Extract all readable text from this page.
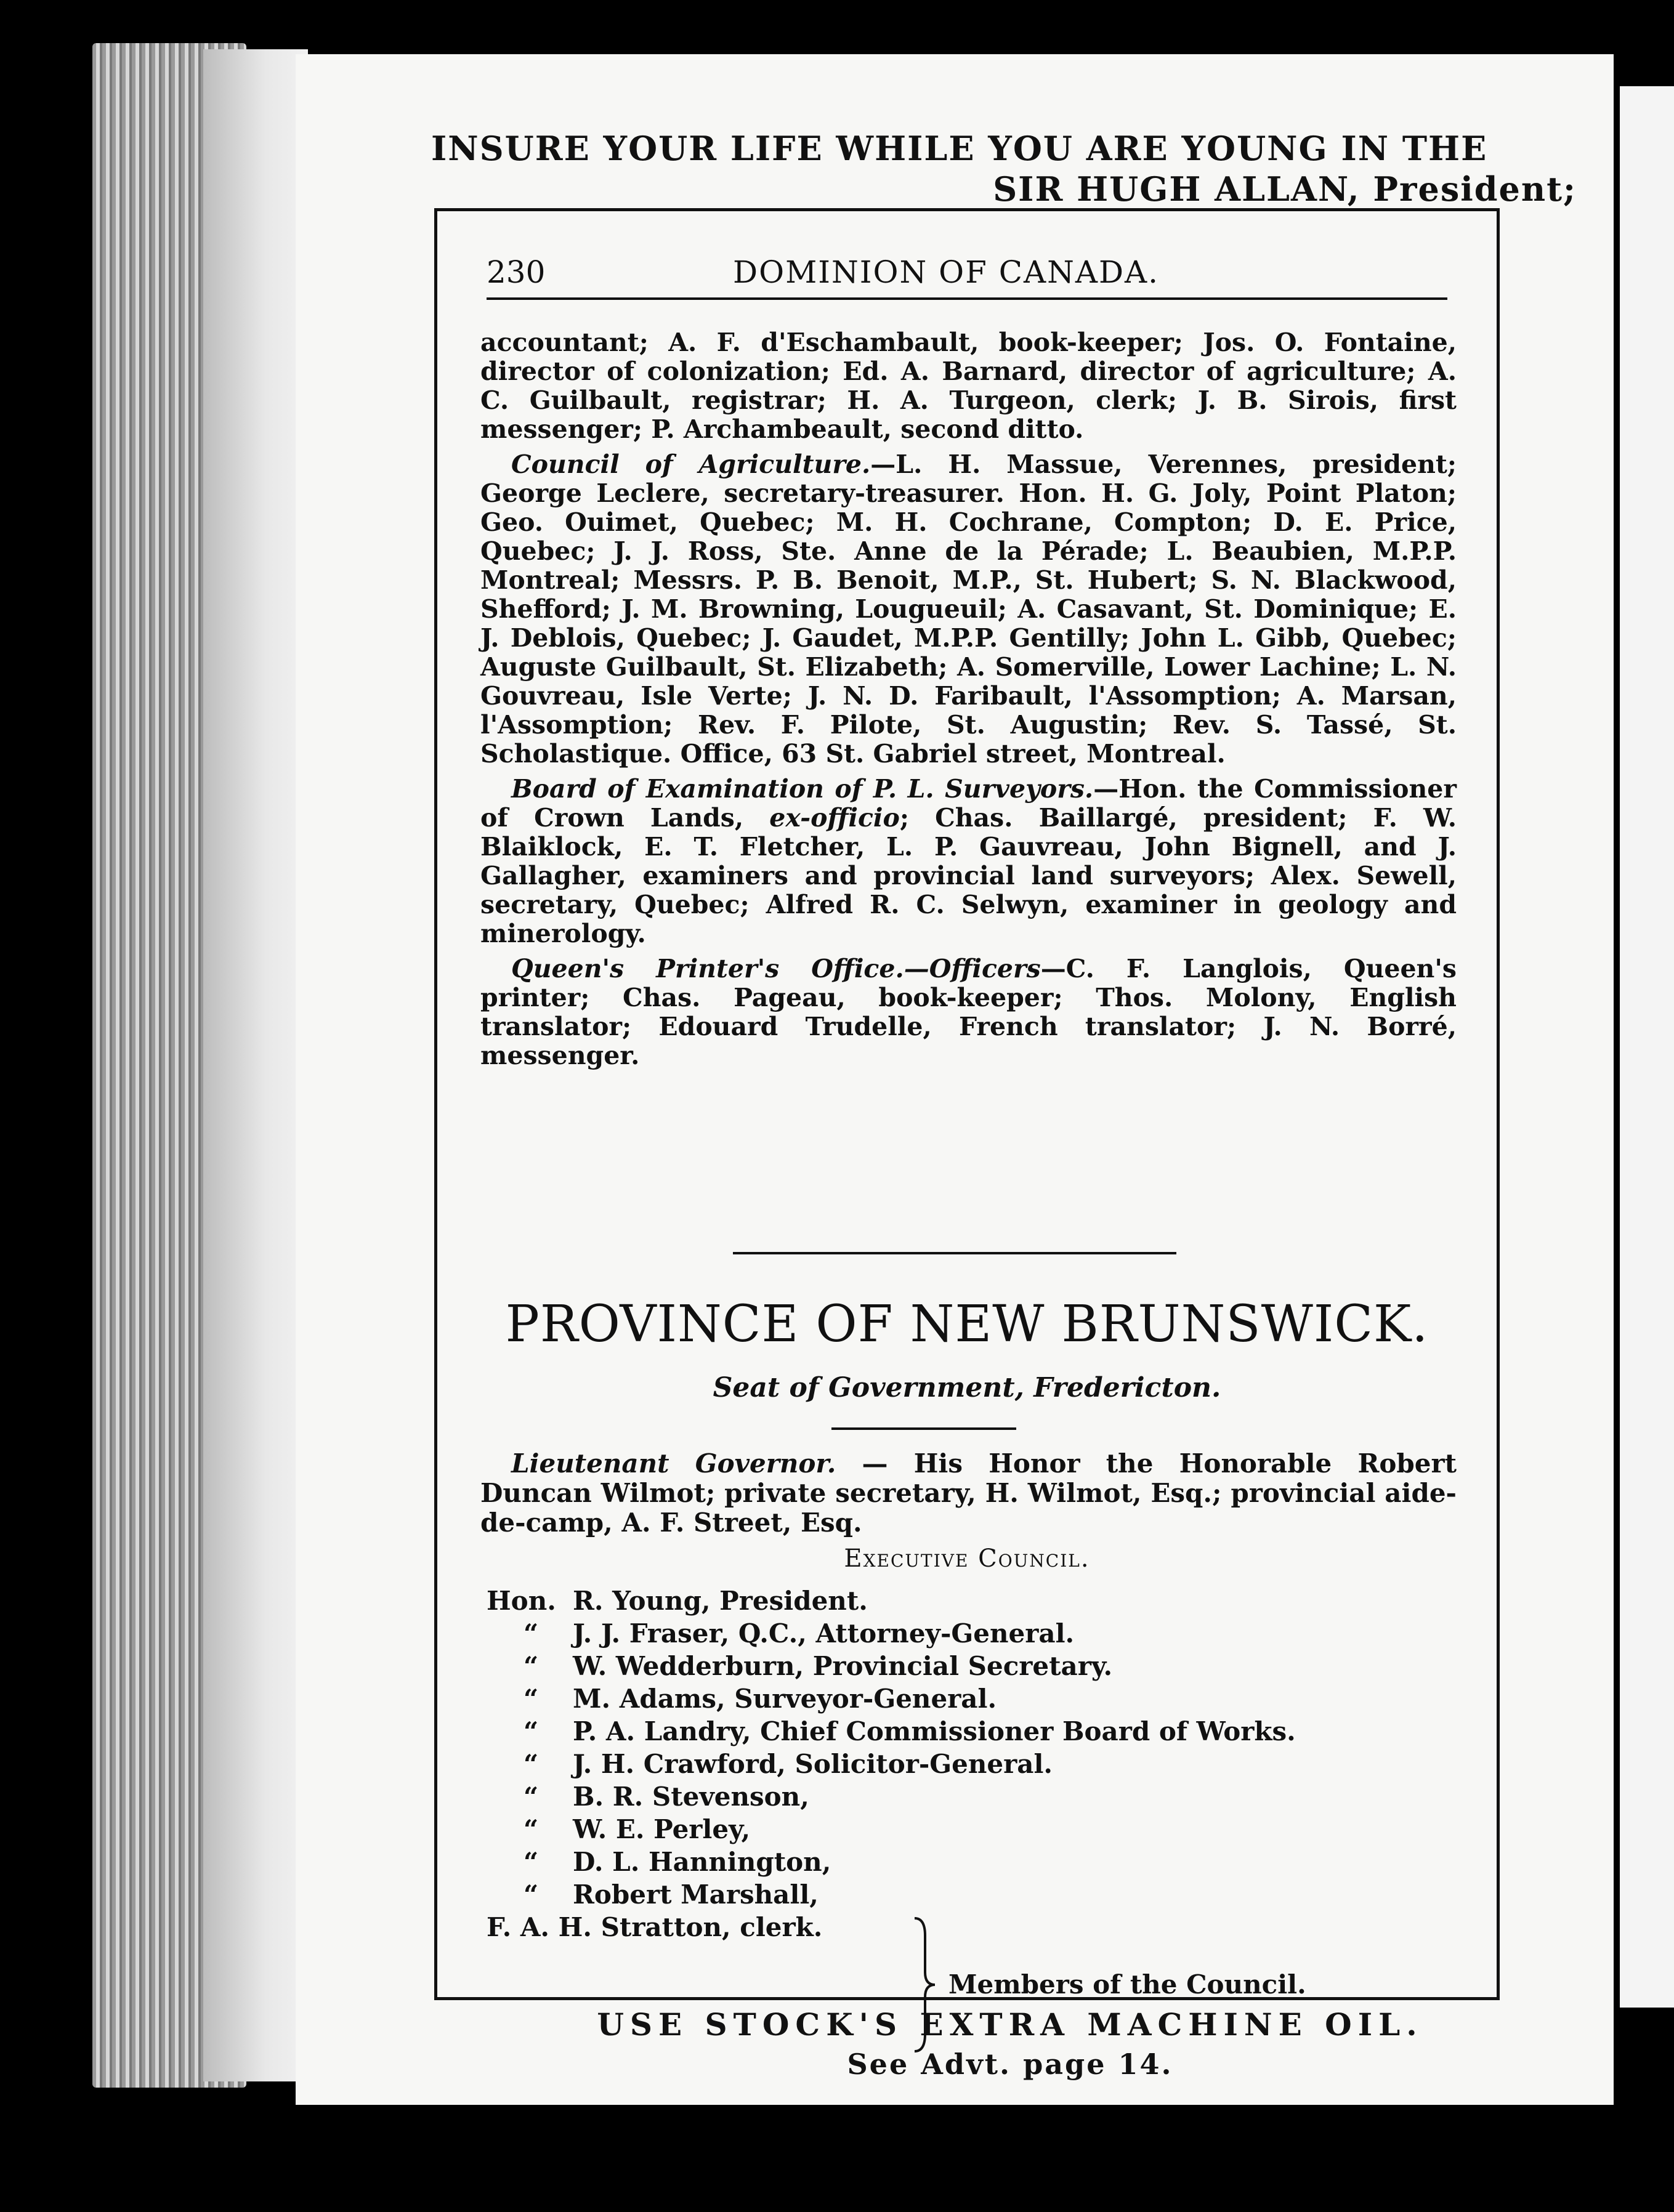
INSURE YOUR LIFE WHILE YOU ARE YOUNG IN THE
SIR HUGH ALLAN, President;
230	DOMINION OF CANADA.

accountant; A. F. d'Eschambault, book-keeper; Jos. O. Fontaine, director of colonization; Ed. A. Barnard, director of agriculture; A. C. Guilbault, registrar; H. A. Turgeon, clerk; J. B. Sirois, first messenger; P. Archambeault, second ditto.

Council of Agriculture.—L. H. Massue, Verennes, president; George Leclere, secretary-treasurer. Hon. H. G. Joly, Point Platon; Geo. Ouimet, Quebec; M. H. Cochrane, Compton; D. E. Price, Quebec; J. J. Ross, Ste. Anne de la Pérade; L. Beaubien, M.P.P. Montreal; Messrs. P. B. Benoit, M.P., St. Hubert; S. N. Blackwood, Shefford; J. M. Browning, Lougueuil; A. Casavant, St. Dominique; E. J. Deblois, Quebec; J. Gaudet, M.P.P. Gentilly; John L. Gibb, Quebec; Auguste Guilbault, St. Elizabeth; A. Somerville, Lower Lachine; L. N. Gouvreau, Isle Verte; J. N. D. Faribault, l'Assomption; A. Marsan, l'Assomption; Rev. F. Pilote, St. Augustin; Rev. S. Tassé, St. Scholastique. Office, 63 St. Gabriel street, Montreal.

Board of Examination of P. L. Surveyors.—Hon. the Commissioner of Crown Lands, ex-officio; Chas. Baillargé, president; F. W. Blaiklock, E. T. Fletcher, L. P. Gauvreau, John Bignell, and J. Gallagher, examiners and provincial land surveyors; Alex. Sewell, secretary, Quebec; Alfred R. C. Selwyn, examiner in geology and minerology.

Queen's Printer's Office.—Officers—C. F. Langlois, Queen's printer; Chas. Pageau, book-keeper; Thos. Molony, English translator; Edouard Trudelle, French translator; J. N. Borré, messenger.

PROVINCE OF NEW BRUNSWICK.
Seat of Government, Fredericton.
Lieutenant Governor. — His Honor the Honorable Robert Duncan Wilmot; private secretary, H. Wilmot, Esq.; provincial aide-de-camp, A. F. Street, Esq.
Executive Council.
Hon. R. Young, President.
“	J. J. Fraser, Q.C., Attorney-General.
“	W. Wedderburn, Provincial Secretary.
“	M. Adams, Surveyor-General.
“	P. A. Landry, Chief Commissioner Board of Works.
“	J. H. Crawford, Solicitor-General.
“	B. R. Stevenson,
“	W. E. Perley,
“	D. L. Hannington,
“	Robert Marshall,
F. A. H. Stratton, clerk.
Members of the Council.
USE STOCK'S EXTRA MACHINE OIL.
See Advt. page 14.
